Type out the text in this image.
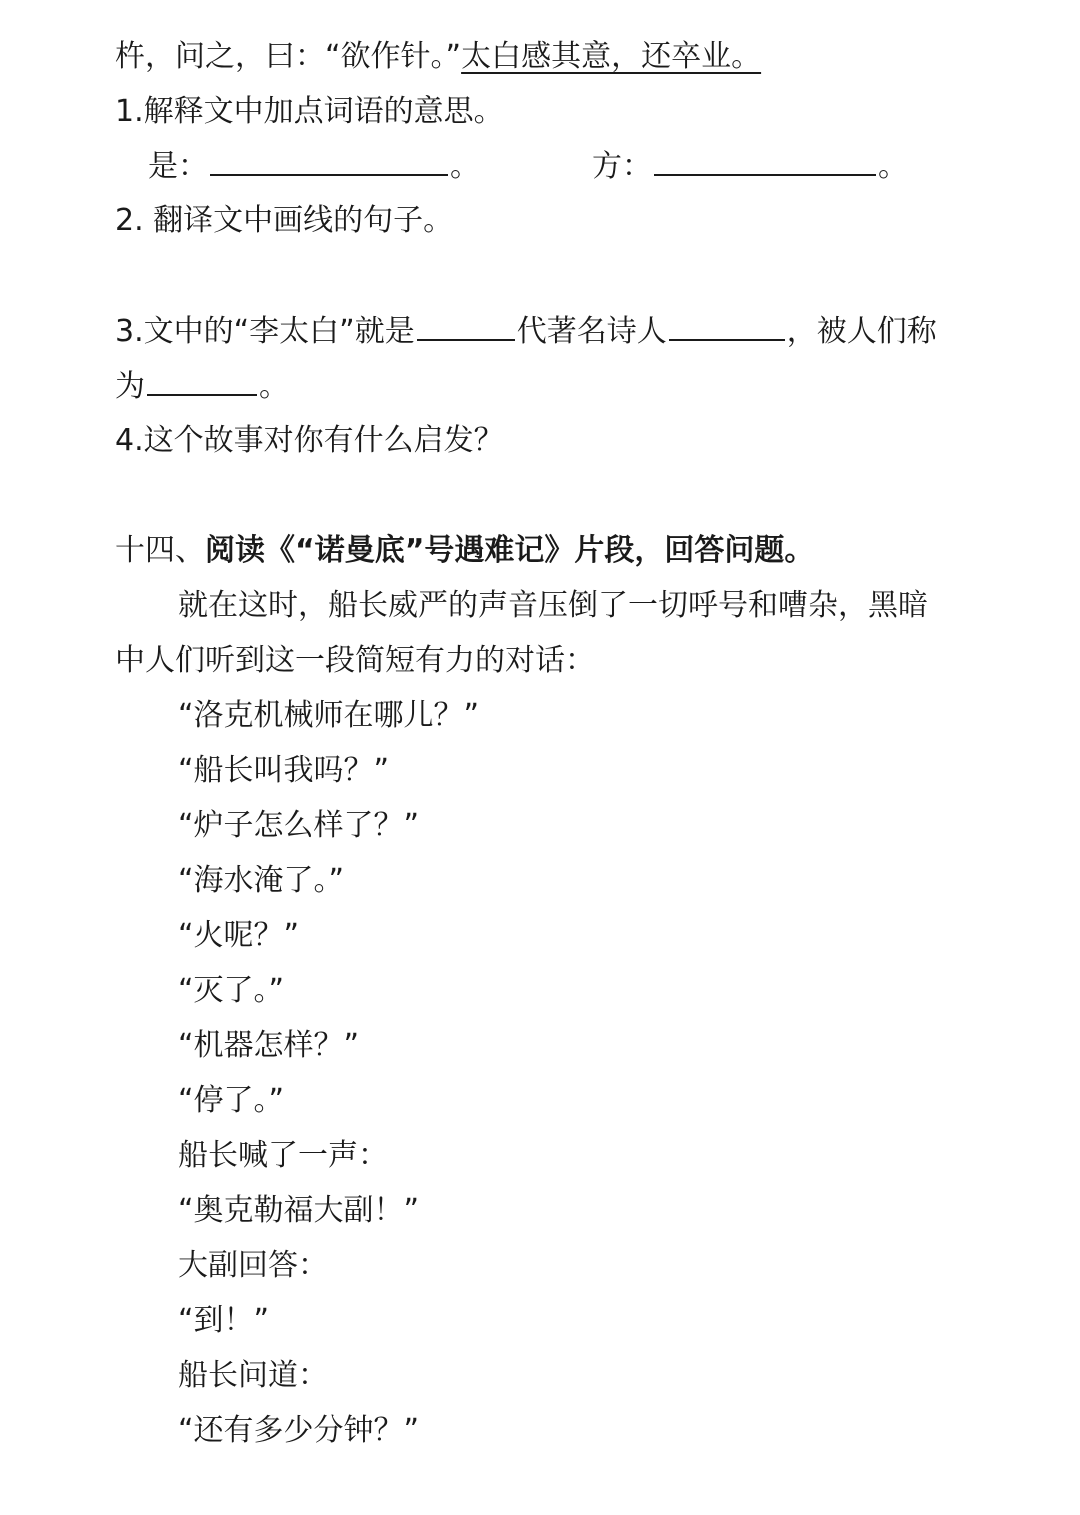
杵，问之，曰：“欲作针。”太白感其意，还卒业。
1.解释文中加点词语的意思。
是：	。	方：	。
2. 翻译文中画线的句子。
3.文中的“李太白”就是	代著名诗人	，被人们称
为	。
4.这个故事对你有什么启发？
十四、阅读《“诺曼底”号遇难记》片段，回答问题。
就在这时，船长威严的声音压倒了一切呼号和嘈杂，黑暗
中人们听到这一段简短有力的对话：
“洛克机械师在哪儿？”
“船长叫我吗？”
“炉子怎么样了？”
“海水淹了。”
“火呢？”
“灭了。”
“机器怎样？”
“停了。”
船长喊了一声：
“奥克勒福大副！”
大副回答：
“到！”
船长问道：
“还有多少分钟？”
